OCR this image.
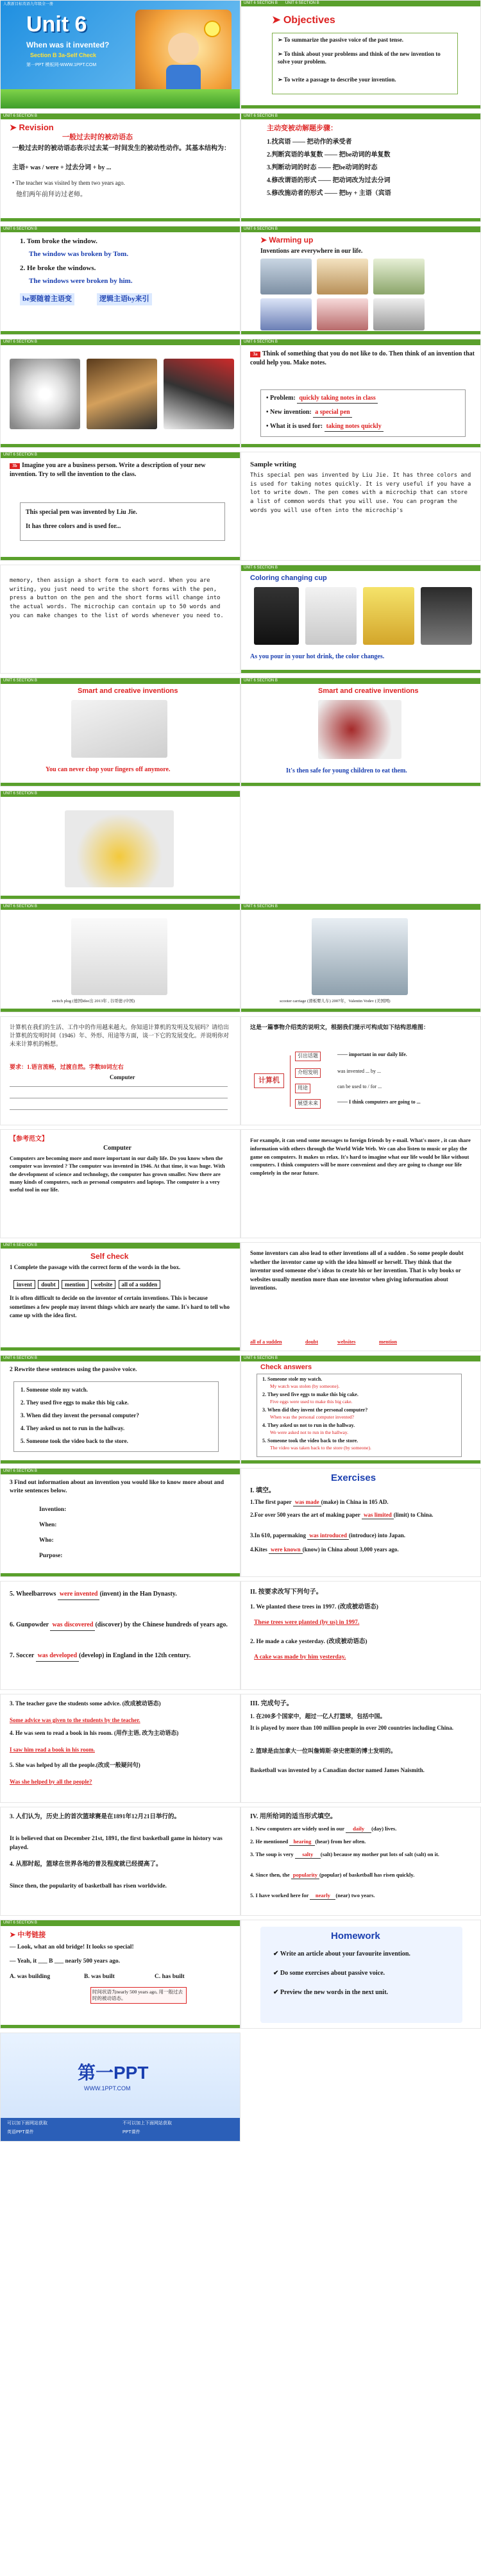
人教新目标英语九年级全一册
Unit 6
When was it invented?
Section B 3a-Self Check
第一PPT 模板网-WWW.1PPT.COM
UNIT 6 SECTION B UNIT 6 SECTION B
➤ Objectives
➢ To summarize the passive voice of the past tense.
➢ To think about your problems and think of the new invention to solve your problem.
➢ To write a passage to describe your invention.
UNIT 6 SECTION B
➤ Revision
一般过去时的被动语态
一般过去时的被动语态表示过去某一时间发生的被动性动作。其基本结构为：
主语+ was / were + 过去分词 + by ...
• The teacher was visited by them two years ago.
他们两年前拜访过老师。
UNIT 6 SECTION B
主动变被动解题步骤：
1.找宾语 —— 把动作的承受者
2.判断宾语的单复数 —— 把be动词的单复数
3.判断动词的时态 —— 把be动词的时态
4.修改谓语的形式 —— 把动词改为过去分词
5.修改施动者的形式 —— 把by + 主语（宾语
UNIT 6 SECTION B
1. Tom broke the window.
The window was broken by Tom.
2. He broke the windows.
The windows were broken by him.
be要随着主语变	逻辑主语by来引
UNIT 6 SECTION B
➤ Warming up
Inventions are everywhere in our life.
UNIT 6 SECTION B	UNIT 6 SECTION B
3a Think of something that you do not like to do. Then think of an invention that could help you. Make notes.
• Problem: quickly taking notes in class
• New invention: a special pen
• What it is used for: taking notes quickly
UNIT 6 SECTION B
3b Imagine you are a business person. Write a description of your new invention. Try to sell the invention to the class.
This special pen was invented by Liu Jie.
It has three colors and is used for...
Sample writing
This special pen was invented by Liu Jie. It has three colors and is used for taking notes quickly. It is very useful if you have a lot to write down. The pen comes with a microchip that can store a list of common words that you will use. You can program the words you will use often into the microchip's
memory, then assign a short form to each word. When you are writing, you just need to write the short forms with the pen, press a button on the pen and the short forms will change into the actual words. The microchip can contain up to 50 words and you can make changes to the list of words whenever you need to.
UNIT 6 SECTION B
Coloring changing cup
As you pour in your hot drink, the color changes.
UNIT 6 SECTION B
Smart and creative inventions
You can never chop your fingers off anymore.
UNIT 6 SECTION B
Smart and creative inventions
It's then safe for young children to eat them.
UNIT 6 SECTION B
UNIT 6 SECTION B
switch plug (德国Idee出 2013年 , 谷哥德 (中国)
UNIT 6 SECTION B
scooter carriage (滑板婴儿车) 2007年，Valentin Vodev (美国网)
计算机在我们的生活、工作中的作用越来越大。你知道计算机的发明及发展吗？请给出计算机的发明时间（1946）年、外形、用途等方面，谈一下它的发展变化。并说明你对未来计算机的畅想。
要求：1.语言流畅，过渡自然。字数80词左右
Computer
这是一篇事物介绍类的说明文，根据我们提示可构成如下结构思维图：
计算机
引出话题	—— important in our daily life.
介绍发明	was invented ... by ...
用途	can be used to / for ...
展望未来	—— I think computers are going to ...
【参考范文】
Computer
Computers are becoming more and more important in our daily life. Do you know when the computer was invented ? The computer was invented in 1946. At that time, it was huge. With the development of science and technology, the computer has grown smaller. Now there are many kinds of computers, such as personal computers and laptops. The computer is a very useful tool in our life.
For example, it can send some messages to foreign friends by e-mail. What's more , it can share information with others through the World Wide Web. We can also listen to music or play the game on computers. It makes us relax. It's hard to imagine what our life would be like without computers. I think computers will be more convenient and they are going to change our life completely in the near future.
UNIT 6 SECTION B
Self check
1 Complete the passage with the correct form of the words in the box.
invent doubt mention website all of a sudden
It is often difficult to decide on the inventor of certain inventions. This is because sometimes a few people may invent things which are nearly the same. It's hard to tell who came up with the idea first.
Some inventors can also lead to other inventions all of a sudden . So some people doubt whether the inventor came up with the idea himself or herself. They think that the inventor used someone else's ideas to create his or her invention. That is why books or websites usually mention more than one inventor when giving information about inventions.
all of a sudden	doubt	websites	mention
UNIT 6 SECTION B
2 Rewrite these sentences using the passive voice.
1. Someone stole my watch.
2. They used five eggs to make this big cake.
3. When did they invent the personal computer?
4. They asked us not to run in the hallway.
5. Someone took the video back to the store.
UNIT 6 SECTION B
Check answers
1. Someone stole my watch.
My watch was stolen (by someone).
2. They used five eggs to make this big cake.
Five eggs were used to make this big cake.
3. When did they invent the personal computer?
When was the personal computer invented?
4. They asked us not to run in the hallway.
We were asked not to run in the hallway.
5. Someone took the video back to the store.
The video was taken back to the store (by someone).
UNIT 6 SECTION B
3 Find out information about an invention you would like to know more about and write sentences below.
Invention:
When:
Who:
Purpose:
Exercises
I. 填空。
1.The first paper was made (make) in China in 105 AD.
2.For over 500 years the art of making paper was limited (limit) to China.
3.In 610, papermaking was introduced (introduce) into Japan.
4.Kites were known (know) in China about 3,000 years ago.
5. Wheelbarrows were invented (invent) in the Han Dynasty.
6. Gunpowder was discovered (discover) by the Chinese hundreds of years ago.
7. Soccer was developed (develop) in England in the 12th century.
II. 按要求改写下列句子。
1. We planted these trees in 1997. (改成被动语态)
These trees were planted (by us) in 1997.
2. He made a cake yesterday. (改成被动语态)
A cake was made by him yesterday.
3. The teacher gave the students some advice. (改成被动语态)
Some advice was given to the students by the teacher.
4. He was seen to read a book in his room. (用作主语, 改为主动语态)
I saw him read a book in his room.
5. She was helped by all the people.(改成一般疑问句)
Was she helped by all the people?
III. 完成句子。
1. 在200多个国家中，超过一亿人打篮球，包括中国。
It is played by more than 100 million people in over 200 countries including China.
2. 篮球是由加拿大一位叫詹姆斯·奈史密斯的博士发明的。
Basketball was invented by a Canadian doctor named James Naismith.
3. 人们认为，历史上的首次篮球赛是在1891年12月21日举行的。
It is believed that on December 21st, 1891, the first basketball game in history was played.
4. 从那时起，篮球在世界各地的普及程度就已经提高了。
Since then, the popularity of basketball has risen worldwide.
IV. 用所给词的适当形式填空。
1. New computers are widely used in our daily (day) lives.
2. He mentioned hearing (hear) from her often.
3. The soup is very salty (salt) because my mother put lots of salt (salt) on it.
4. Since then, the popularity (popular) of basketball has risen quickly.
5. I have worked here for nearly (near) two years.
UNIT 6 SECTION B
➤ 中考链接
— Look, what an old bridge! It looks so special!
— Yeah, it ___ B ___ nearly 500 years ago.
A. was building	B. was built	C. has built
时间状语为nearly 500 years ago, 用一般过去时的被动语态。
Homework
✔ Write an article about your favourite invention.
✔ Do some exercises about passive voice.
✔ Preview the new words in the next unit.
第一PPT
WWW.1PPT.COM
可以加下面网站获取
英语PPT课件
不可以加上下面网站获取
PPT课件
